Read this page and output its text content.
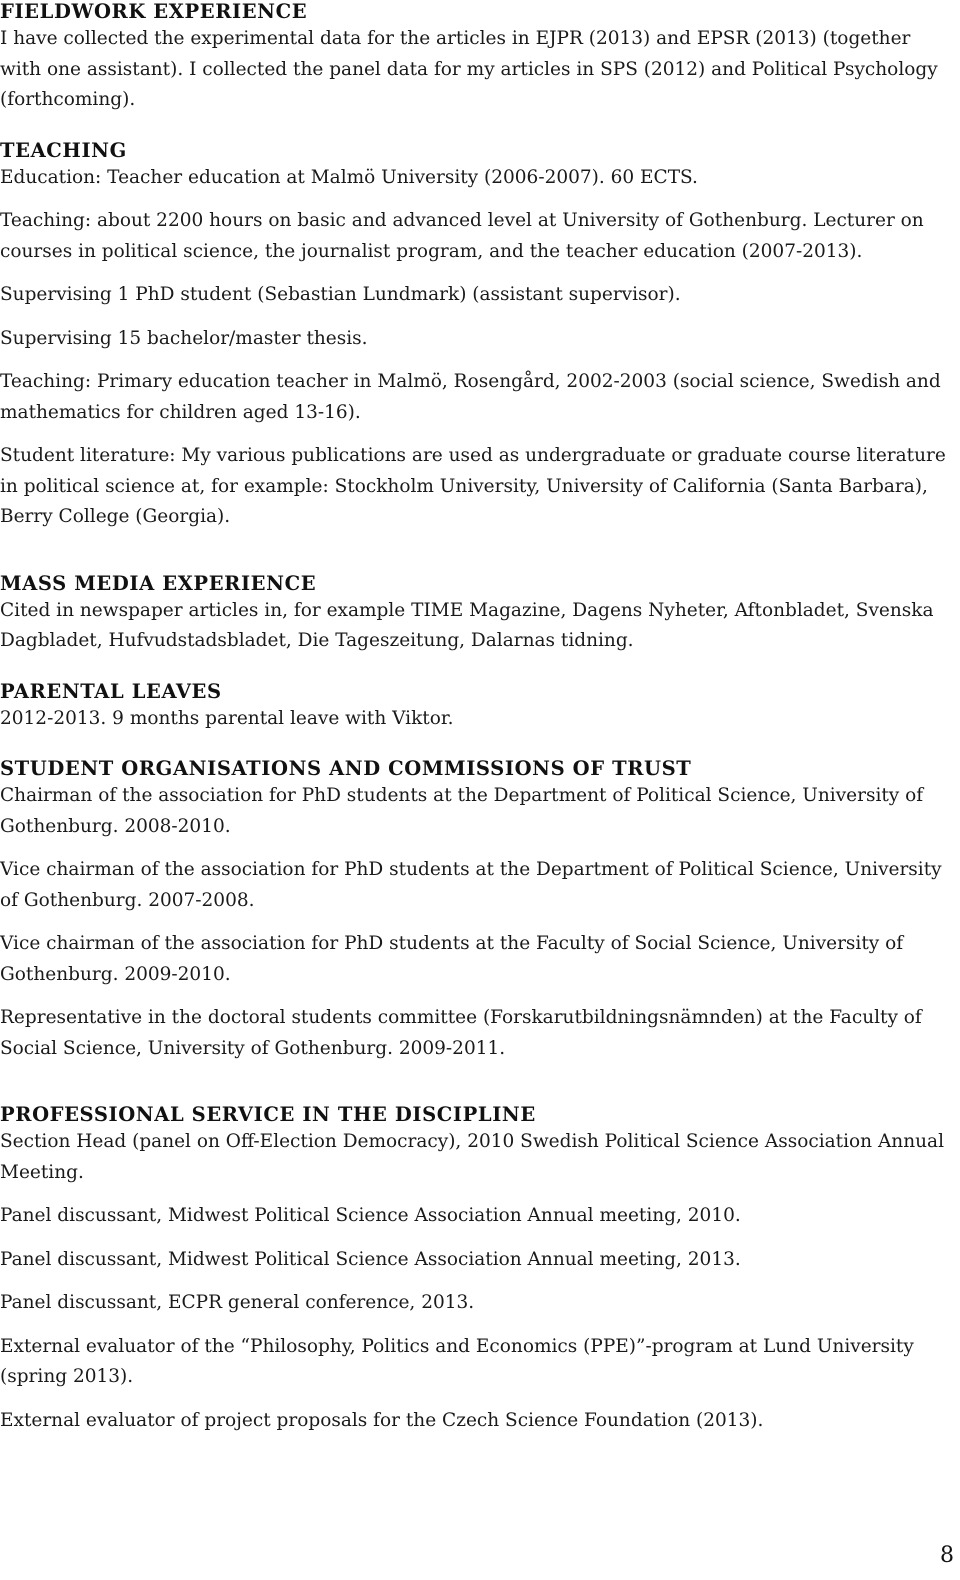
FIELDWORK EXPERIENCE

I have collected the experimental data for the articles in EJPR (2013) and EPSR (2013) (together with one assistant). I collected the panel data for my articles in SPS (2012) and Political Psychology (forthcoming).

TEACHING

Education: Teacher education at Malmö University (2006-2007). 60 ECTS.

Teaching: about 2200 hours on basic and advanced level at University of Gothenburg. Lecturer on courses in political science, the journalist program, and the teacher education (2007-2013).

Supervising 1 PhD student (Sebastian Lundmark) (assistant supervisor).

Supervising 15 bachelor/master thesis.

Teaching: Primary education teacher in Malmö, Rosengård, 2002-2003 (social science, Swedish and mathematics for children aged 13-16).

Student literature: My various publications are used as undergraduate or graduate course literature in political science at, for example: Stockholm University, University of California (Santa Barbara), Berry College (Georgia).

MASS MEDIA EXPERIENCE

Cited in newspaper articles in, for example TIME Magazine, Dagens Nyheter, Aftonbladet, Svenska Dagbladet, Hufvudstadsbladet, Die Tageszeitung, Dalarnas tidning.

PARENTAL LEAVES

2012-2013. 9 months parental leave with Viktor.

STUDENT ORGANISATIONS AND COMMISSIONS OF TRUST

Chairman of the association for PhD students at the Department of Political Science, University of Gothenburg. 2008-2010.

Vice chairman of the association for PhD students at the Department of Political Science, University of Gothenburg. 2007-2008.

Vice chairman of the association for PhD students at the Faculty of Social Science, University of Gothenburg. 2009-2010.

Representative in the doctoral students committee (Forskarutbildningsnämnden) at the Faculty of Social Science, University of Gothenburg. 2009-2011.

PROFESSIONAL SERVICE IN THE DISCIPLINE

Section Head (panel on Off-Election Democracy), 2010 Swedish Political Science Association Annual Meeting.

Panel discussant, Midwest Political Science Association Annual meeting, 2010.

Panel discussant, Midwest Political Science Association Annual meeting, 2013.

Panel discussant, ECPR general conference, 2013.

External evaluator of the “Philosophy, Politics and Economics (PPE)”-program at Lund University (spring 2013).

External evaluator of project proposals for the Czech Science Foundation (2013).

8
